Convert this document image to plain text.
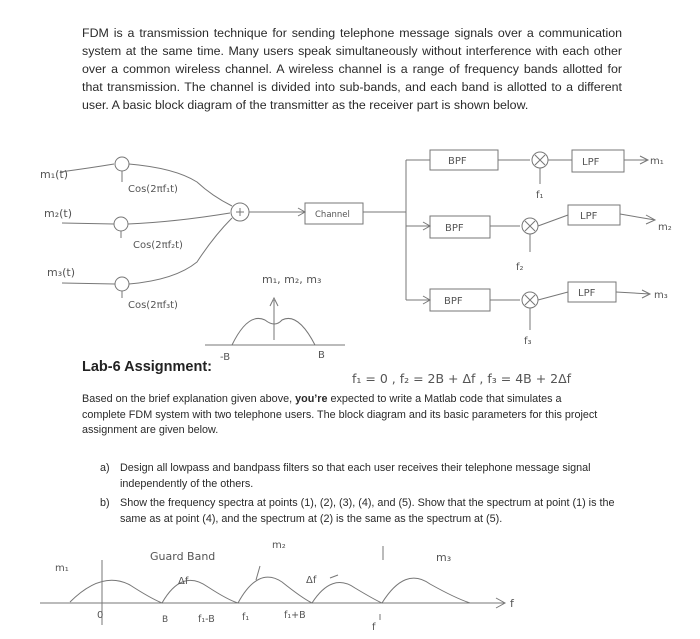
FDM is a transmission technique for sending telephone message signals over a communication system at the same time. Many users speak simultaneously without interference with each other over a common wireless channel. A wireless channel is a range of frequency bands allotted for that transmission. The channel is divided into sub-bands, and each band is allotted to a different user. A basic block diagram of the transmitter as the receiver part is shown below.
m₁(t)
m₂(t)
m₃(t)
Cos(2πf₁t)
Cos(2πf₂t)
Cos(2πf₃t)
Channel
BPF
BPF
BPF
LPF
LPF
LPF
f₁
f₂
f₃
m₁
m₂
m₃
m₁, m₂, m₃
-B	B
f₁ = 0 , f₂ = 2B + Δf , f₃ = 4B + 2Δf
m₁
Guard Band
m₂
Δf	Δf
m₃
f
0	B	f₁-B	f₁	f₁+B
f
Lab-6 Assignment:
Based on the brief explanation given above, you’re expected to write a Matlab code that simulates a complete FDM system with two telephone users. The block diagram and its basic parameters for this project assignment are given below.
a) Design all lowpass and bandpass filters so that each user receives their telephone message signal independently of the others.
b) Show the frequency spectra at points (1), (2), (3), (4), and (5). Show that the spectrum at point (1) is the same as at point (4), and the spectrum at (2) is the same as the spectrum at (5).
